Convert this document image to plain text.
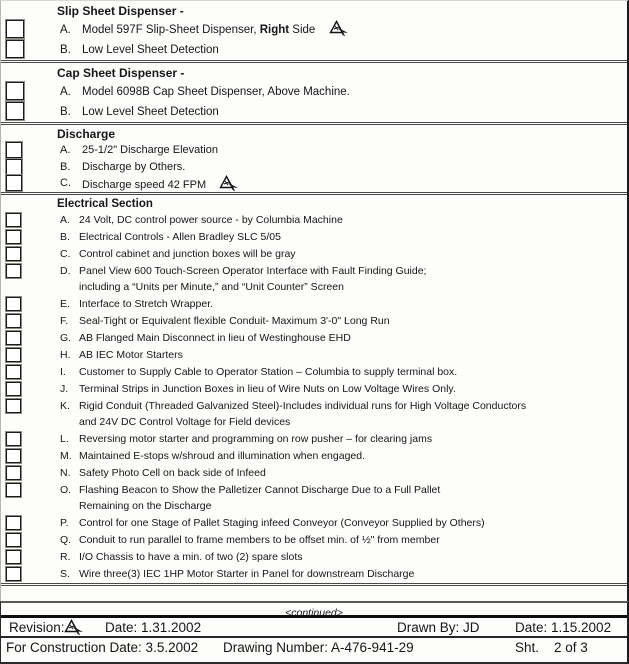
Slip Sheet Dispenser -
A. Model 597F Slip-Sheet Dispenser, Right Side
B. Low Level Sheet Detection
Cap Sheet Dispenser -
A. Model 6098B Cap Sheet Dispenser, Above Machine.
B. Low Level Sheet Detection
Discharge
A. 25-1/2" Discharge Elevation
B. Discharge by Others.
C. Discharge speed 42 FPM
Electrical Section
A. 24 Volt, DC control power source - by Columbia Machine
B. Electrical Controls - Allen Bradley SLC 5/05
C. Control cabinet and junction boxes will be gray
D. Panel View 600 Touch-Screen Operator Interface with Fault Finding Guide;
including a “Units per Minute,” and “Unit Counter” Screen
E. Interface to Stretch Wrapper.
F. Seal-Tight or Equivalent flexible Conduit- Maximum 3'-0" Long Run
G. AB Flanged Main Disconnect in lieu of Westinghouse EHD
H. AB IEC Motor Starters
I. Customer to Supply Cable to Operator Station – Columbia to supply terminal box.
J. Terminal Strips in Junction Boxes in lieu of Wire Nuts on Low Voltage Wires Only.
K. Rigid Conduit (Threaded Galvanized Steel)-Includes individual runs for High Voltage Conductors
and 24V DC Control Voltage for Field devices
L. Reversing motor starter and programming on row pusher – for clearing jams
M. Maintained E-stops w/shroud and illumination when engaged.
N. Safety Photo Cell on back side of Infeed
O. Flashing Beacon to Show the Palletizer Cannot Discharge Due to a Full Pallet
Remaining on the Discharge
P. Control for one Stage of Pallet Staging infeed Conveyor (Conveyor Supplied by Others)
Q. Conduit to run parallel to frame members to be offset min. of ½" from member
R. I/O Chassis to have a min. of two (2) spare slots
S. Wire three(3) IEC 1HP Motor Starter in Panel for downstream Discharge
<continued>
Revision:	Date: 1.31.2002	Drawn By: JD	Date: 1.15.2002
For Construction Date: 3.5.2002 Drawing Number: A-476-941-29	Sht. 2 of 3
